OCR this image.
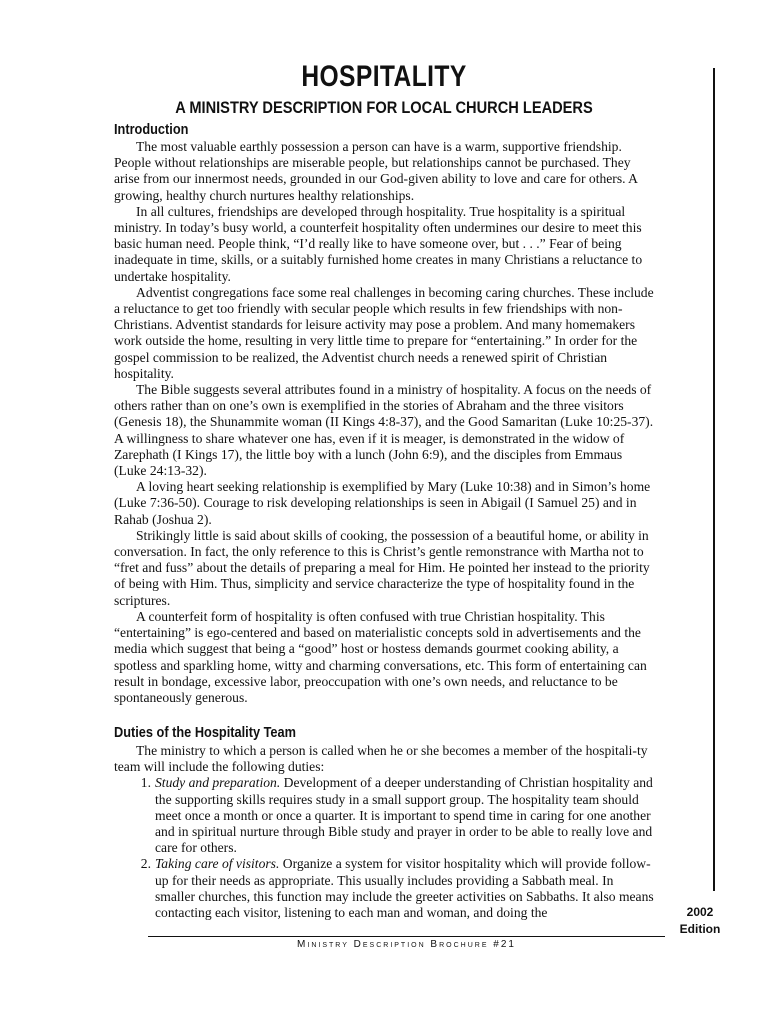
HOSPITALITY
A MINISTRY DESCRIPTION FOR LOCAL CHURCH LEADERS
Introduction

The most valuable earthly possession a person can have is a warm, supportive friendship. People without relationships are miserable people, but relationships cannot be purchased. They arise from our innermost needs, grounded in our God-given ability to love and care for others. A growing, healthy church nurtures healthy relationships.

In all cultures, friendships are developed through hospitality. True hospitality is a spiritual ministry. In today’s busy world, a counterfeit hospitality often undermines our desire to meet this basic human need. People think, “I’d really like to have someone over, but . . .” Fear of being inadequate in time, skills, or a suitably furnished home creates in many Christians a reluctance to undertake hospitality.

Adventist congregations face some real challenges in becoming caring churches. These include a reluctance to get too friendly with secular people which results in few friendships with non-Christians. Adventist standards for leisure activity may pose a problem. And many homemakers work outside the home, resulting in very little time to prepare for “entertaining.” In order for the gospel commission to be realized, the Adventist church needs a renewed spirit of Christian hospitality.

The Bible suggests several attributes found in a ministry of hospitality. A focus on the needs of others rather than on one’s own is exemplified in the stories of Abraham and the three visitors (Genesis 18), the Shunammite woman (II Kings 4:8-37), and the Good Samaritan (Luke 10:25-37). A willingness to share whatever one has, even if it is meager, is demonstrated in the widow of Zarephath (I Kings 17), the little boy with a lunch (John 6:9), and the disciples from Emmaus (Luke 24:13-32).

A loving heart seeking relationship is exemplified by Mary (Luke 10:38) and in Simon’s home (Luke 7:36-50). Courage to risk developing relationships is seen in Abigail (I Samuel 25) and in Rahab (Joshua 2).

Strikingly little is said about skills of cooking, the possession of a beautiful home, or ability in conversation. In fact, the only reference to this is Christ’s gentle remonstrance with Martha not to “fret and fuss” about the details of preparing a meal for Him. He pointed her instead to the priority of being with Him. Thus, simplicity and service characterize the type of hospitality found in the scriptures.

A counterfeit form of hospitality is often confused with true Christian hospitality. This “entertaining” is ego-centered and based on materialistic concepts sold in advertisements and the media which suggest that being a “good” host or hostess demands gourmet cooking ability, a spotless and sparkling home, witty and charming conversations, etc. This form of entertaining can result in bondage, excessive labor, preoccupation with one’s own needs, and reluctance to be spontaneously generous.

Duties of the Hospitality Team

The ministry to which a person is called when he or she becomes a member of the hospitali-ty team will include the following duties:

1. Study and preparation. Development of a deeper understanding of Christian hospitality and the supporting skills requires study in a small support group. The hospitality team should meet once a month or once a quarter. It is important to spend time in caring for one another and in spiritual nurture through Bible study and prayer in order to be able to really love and care for others.
2. Taking care of visitors. Organize a system for visitor hospitality which will provide follow-up for their needs as appropriate. This usually includes providing a Sabbath meal. In smaller churches, this function may include the greeter activities on Sabbaths. It also means contacting each visitor, listening to each man and woman, and doing the	2002
Edition
Ministry Description Brochure #21
